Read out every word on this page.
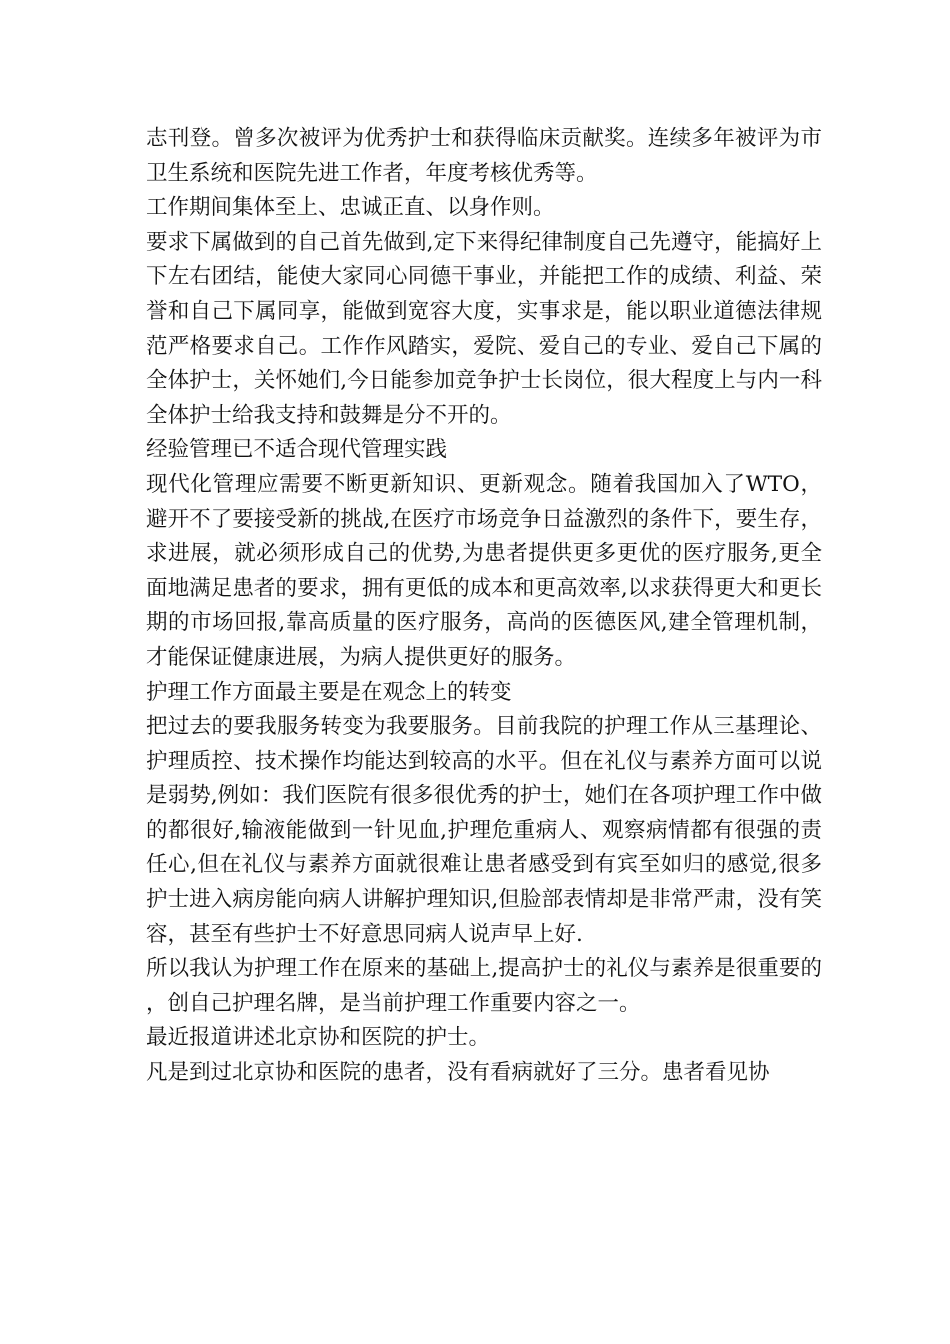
志刊登。曾多次被评为优秀护士和获得临床贡献奖。连续多年被评为市卫生系统和医院先进工作者，年度考核优秀等。

工作期间集体至上、忠诚正直、以身作则。

要求下属做到的自己首先做到,定下来得纪律制度自己先遵守，能搞好上下左右团结，能使大家同心同德干事业，并能把工作的成绩、利益、荣誉和自己下属同享，能做到宽容大度，实事求是，能以职业道德法律规范严格要求自己。工作作风踏实，爱院、爱自己的专业、爱自己下属的全体护士，关怀她们,今日能参加竞争护士长岗位，很大程度上与内一科全体护士给我支持和鼓舞是分不开的。

经验管理已不适合现代管理实践

现代化管理应需要不断更新知识、更新观念。随着我国加入了WTO，避开不了要接受新的挑战,在医疗市场竞争日益激烈的条件下，要生存，求进展，就必须形成自己的优势,为患者提供更多更优的医疗服务,更全面地满足患者的要求，拥有更低的成本和更高效率,以求获得更大和更长期的市场回报,靠高质量的医疗服务，高尚的医德医风,建全管理机制，才能保证健康进展，为病人提供更好的服务。

护理工作方面最主要是在观念上的转变

把过去的要我服务转变为我要服务。目前我院的护理工作从三基理论、护理质控、技术操作均能达到较高的水平。但在礼仪与素养方面可以说是弱势,例如：我们医院有很多很优秀的护士，她们在各项护理工作中做的都很好,输液能做到一针见血,护理危重病人、观察病情都有很强的责任心,但在礼仪与素养方面就很难让患者感受到有宾至如归的感觉,很多护士进入病房能向病人讲解护理知识,但脸部表情却是非常严肃，没有笑容，甚至有些护士不好意思同病人说声早上好.

所以我认为护理工作在原来的基础上,提高护士的礼仪与素养是很重要的，创自己护理名牌，是当前护理工作重要内容之一。

最近报道讲述北京协和医院的护士。

凡是到过北京协和医院的患者，没有看病就好了三分。患者看见协
